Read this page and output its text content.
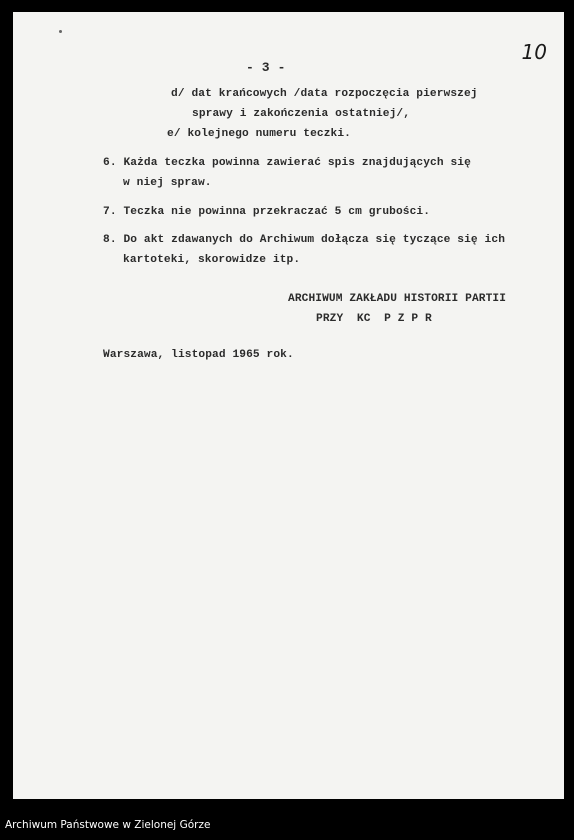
10
- 3 -
d/ dat krańcowych /data rozpoczęcia pierwszej
sprawy i zakończenia ostatniej/,
e/ kolejnego numeru teczki.
6. Każda teczka powinna zawierać spis znajdujących się
w niej spraw.
7. Teczka nie powinna przekraczać 5 cm grubości.
8. Do akt zdawanych do Archiwum dołącza się tyczące się ich
kartoteki, skorowidze itp.
ARCHIWUM ZAKŁADU HISTORII PARTII
PRZY  KC  P Z P R
Warszawa, listopad 1965 rok.
Archiwum Państwowe w Zielonej Górze
